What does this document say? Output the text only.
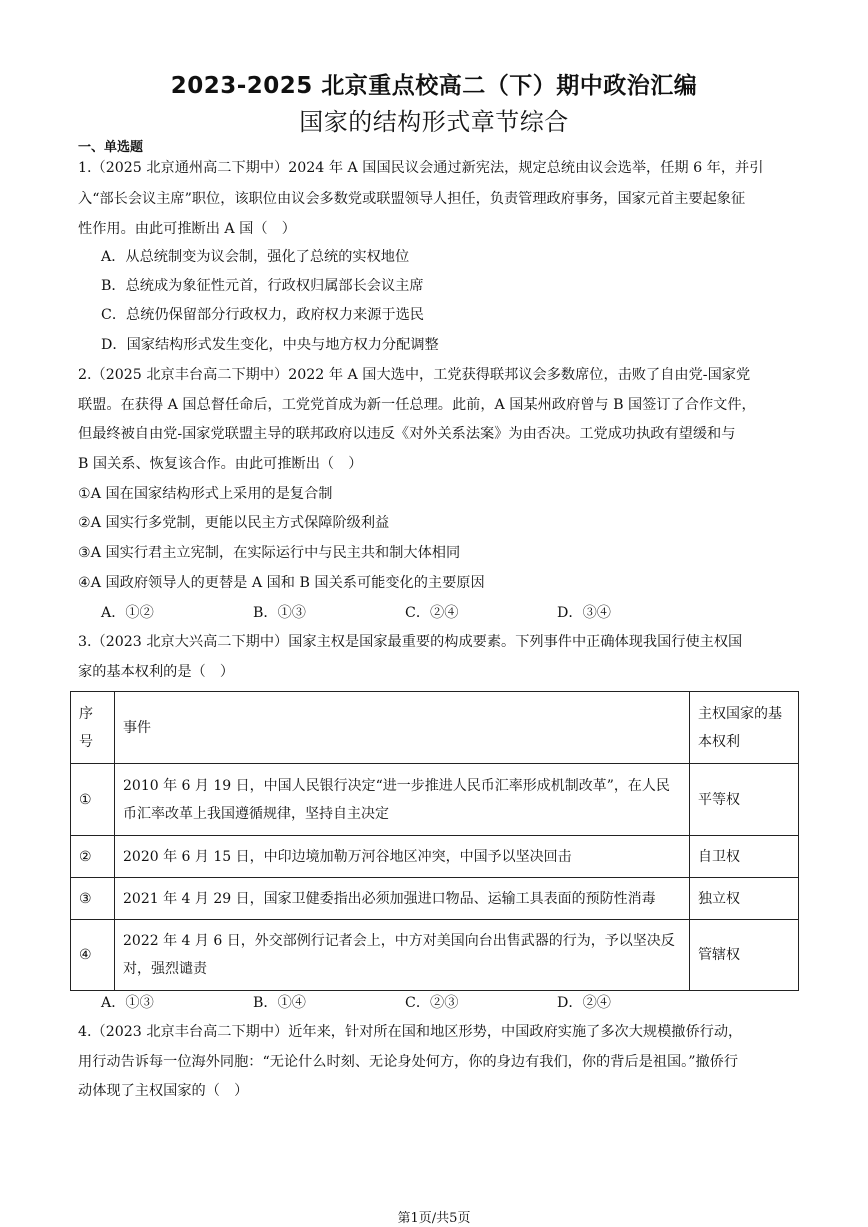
2023-2025 北京重点校高二（下）期中政治汇编
国家的结构形式章节综合
一、单选题
1.（2025 北京通州高二下期中）2024 年 A 国国民议会通过新宪法，规定总统由议会选举，任期 6 年，并引
入“部长会议主席”职位，该职位由议会多数党或联盟领导人担任，负责管理政府事务，国家元首主要起象征
性作用。由此可推断出 A 国（　）
A．从总统制变为议会制，强化了总统的实权地位
B．总统成为象征性元首，行政权归属部长会议主席
C．总统仍保留部分行政权力，政府权力来源于选民
D．国家结构形式发生变化，中央与地方权力分配调整
2.（2025 北京丰台高二下期中）2022 年 A 国大选中，工党获得联邦议会多数席位，击败了自由党-国家党
联盟。在获得 A 国总督任命后，工党党首成为新一任总理。此前，A 国某州政府曾与 B 国签订了合作文件，
但最终被自由党-国家党联盟主导的联邦政府以违反《对外关系法案》为由否决。工党成功执政有望缓和与
B 国关系、恢复该合作。由此可推断出（　）
①A 国在国家结构形式上采用的是复合制
②A 国实行多党制，更能以民主方式保障阶级利益
③A 国实行君主立宪制，在实际运行中与民主共和制大体相同
④A 国政府领导人的更替是 A 国和 B 国关系可能变化的主要原因
A．①②	B．①③	C．②④	D．③④
3.（2023 北京大兴高二下期中）国家主权是国家最重要的构成要素。下列事件中正确体现我国行使主权国
家的基本权利的是（　）
序号	事件	主权国家的基本权利
①	2010 年 6 月 19 日，中国人民银行决定“进一步推进人民币汇率形成机制改革”，在人民币汇率改革上我国遵循规律，坚持自主决定	平等权
②	2020 年 6 月 15 日，中印边境加勒万河谷地区冲突，中国予以坚决回击	自卫权
③	2021 年 4 月 29 日，国家卫健委指出必须加强进口物品、运输工具表面的预防性消毒	独立权
④	2022 年 4 月 6 日，外交部例行记者会上，中方对美国向台出售武器的行为，予以坚决反对，强烈谴责	管辖权
A．①③	B．①④	C．②③	D．②④
4.（2023 北京丰台高二下期中）近年来，针对所在国和地区形势，中国政府实施了多次大规模撤侨行动，
用行动告诉每一位海外同胞：“无论什么时刻、无论身处何方，你的身边有我们，你的背后是祖国。”撤侨行
动体现了主权国家的（　）
第1页/共5页
